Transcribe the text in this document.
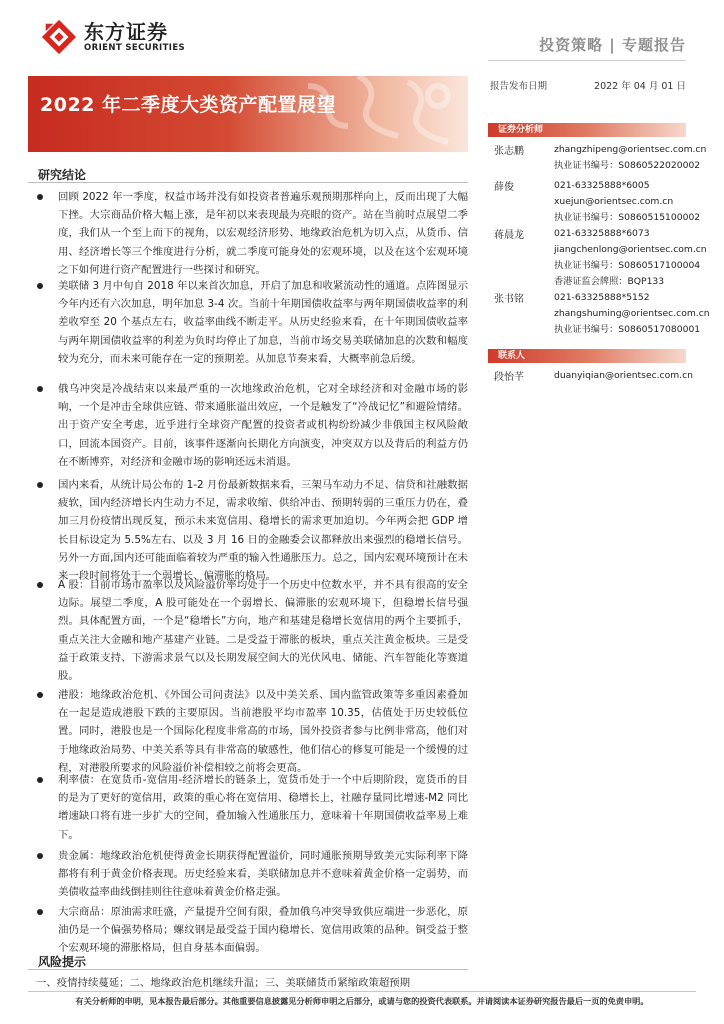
东方证券
ORIENT SECURITIES	投资策略 | 专题报告
报告发布日期	2022 年 04 月 01 日
2022 年二季度大类资产配置展望
研究结论
回顾 2022 年一季度，权益市场并没有如投资者普遍乐观预期那样向上，反而出现了大幅下挫。大宗商品价格大幅上涨，是年初以来表现最为亮眼的资产。站在当前时点展望二季度，我们从一个至上而下的视角，以宏观经济形势、地缘政治危机为切入点，从货币、信用、经济增长等三个维度进行分析，就二季度可能身处的宏观环境，以及在这个宏观环境之下如何进行资产配置进行一些探讨和研究。
美联储 3 月中旬自 2018 年以来首次加息，开启了加息和收紧流动性的通道。点阵图显示今年内还有六次加息，明年加息 3-4 次。当前十年期国债收益率与两年期国债收益率的利差收窄至 20 个基点左右，收益率曲线不断走平。从历史经验来看，在十年期国债收益率与两年期国债收益率的利差为负时均停止了加息，当前市场交易美联储加息的次数和幅度较为充分，而未来可能存在一定的预期差。从加息节奏来看，大概率前急后缓。
俄乌冲突是冷战结束以来最严重的一次地缘政治危机，它对全球经济和对金融市场的影响，一个是冲击全球供应链、带来通胀溢出效应，一个是触发了“冷战记忆”和避险情绪。出于资产安全考虑，近乎进行全球资产配置的投资者或机构纷纷减少非俄国主权风险敞口，回流本国资产。目前，该事件逐渐向长期化方向演变，冲突双方以及背后的利益方仍在不断博弈，对经济和金融市场的影响还远未消退。
国内来看，从统计局公布的 1-2 月份最新数据来看，三架马车动力不足、信贷和社融数据疲软，国内经济增长内生动力不足，需求收缩、供给冲击、预期转弱的三重压力仍在，叠加三月份疫情出现反复，预示未来宽信用、稳增长的需求更加迫切。今年两会把 GDP 增长目标设定为 5.5%左右、以及 3 月 16 日的金融委会议都释放出来强烈的稳增长信号。另外一方面,国内还可能面临着较为严重的输入性通胀压力。总之，国内宏观环境预计在未来一段时间将处于一个弱增长、偏滞胀的格局。
A 股：目前市场市盈率以及风险溢价率均处于一个历史中位数水平，并不具有很高的安全边际。展望二季度，A 股可能处在一个弱增长、偏滞胀的宏观环境下，但稳增长信号强烈。具体配置方面，一个是“稳增长”方向，地产和基建是稳增长宽信用的两个主要抓手，重点关注大金融和地产基建产业链。二是受益于滞胀的板块，重点关注黄金板块。三是受益于政策支持、下游需求景气以及长期发展空间大的光伏风电、储能、汽车智能化等赛道股。
港股：地缘政治危机、《外国公司问责法》以及中美关系、国内监管政策等多重因素叠加在一起是造成港股下跌的主要原因。当前港股平均市盈率 10.35，估值处于历史较低位置。同时，港股也是一个国际化程度非常高的市场，国外投资者参与比例非常高，他们对于地缘政治局势、中美关系等具有非常高的敏感性，他们信心的修复可能是一个缓慢的过程，对港股所要求的风险溢价补偿相较之前将会更高。
利率债：在宽货币-宽信用-经济增长的链条上，宽货币处于一个中后期阶段，宽货币的目的是为了更好的宽信用，政策的重心将在宽信用、稳增长上，社融存量同比增速-M2 同比增速缺口将有进一步扩大的空间，叠加输入性通胀压力，意味着十年期国债收益率易上难下。
贵金属：地缘政治危机使得黄金长期获得配置溢价，同时通胀预期导致美元实际利率下降都将有利于黄金价格表现。历史经验来看，美联储加息并不意味着黄金价格一定弱势，而美债收益率曲线倒挂则往往意味着黄金价格走强。
大宗商品：原油需求旺盛，产量提升空间有限，叠加俄乌冲突导致供应端进一步恶化，原油仍是一个偏强势格局；螺纹钢是最受益于国内稳增长、宽信用政策的品种。铜受益于整个宏观环境的滞胀格局，但自身基本面偏弱。
风险提示
一、疫情持续蔓延；二、地缘政治危机继续升温；三、美联储货币紧缩政策超预期
有关分析师的申明，见本报告最后部分。其他重要信息披露见分析师申明之后部分，或请与您的投资代表联系。并请阅读本证券研究报告最后一页的免责申明。
证券分析师
张志鹏	zhangzhipeng@orientsec.com.cn
执业证书编号：S0860522020002
薛俊	021-63325888*6005
xuejun@orientsec.com.cn
执业证书编号：S0860515100002
蒋晨龙	021-63325888*6073
jiangchenlong@orientsec.com.cn
执业证书编号：S0860517100004
香港证监会牌照：BQP133
张书铭	021-63325888*5152
zhangshuming@orientsec.com.cn
执业证书编号：S0860517080001
联系人
段怡芊	duanyiqian@orientsec.com.cn
